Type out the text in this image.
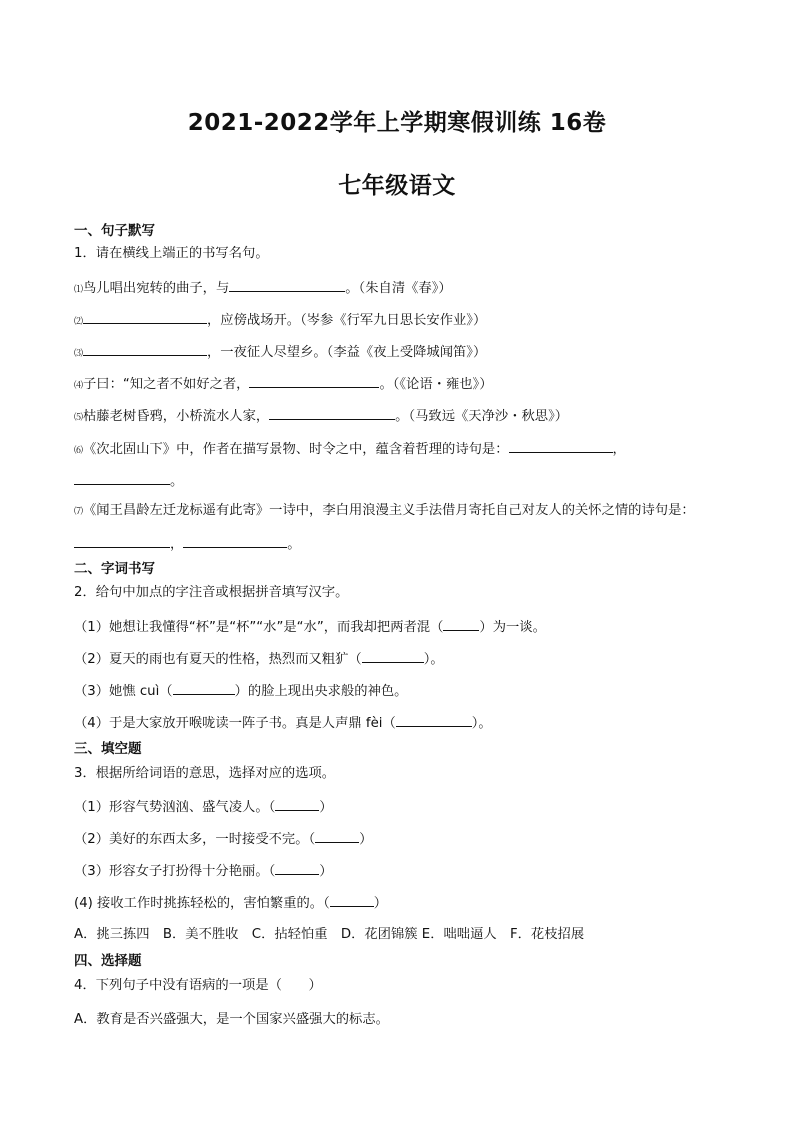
2021-2022学年上学期寒假训练 16卷
七年级语文
一、句子默写
1．请在横线上端正的书写名句。
⑴鸟儿唱出宛转的曲子，与	。（朱自清《春》）
⑵	，应傍战场开。（岑参《行军九日思长安作业》）
⑶	，一夜征人尽望乡。（李益《夜上受降城闻笛》）
⑷子曰：“知之者不如好之者，	。（《论语・雍也》）
⑸枯藤老树昏鸦，小桥流水人家，	。（马致远《天净沙・秋思》）
⑹《次北固山下》中，作者在描写景物、时令之中，蕴含着哲理的诗句是：	，
。
⑺《闻王昌龄左迁龙标遥有此寄》一诗中，李白用浪漫主义手法借月寄托自己对友人的关怀之情的诗句是：
，	。
二、字词书写
2．给句中加点的字注音或根据拼音填写汉字。
（1）她想让我懂得“杯”是“杯”“水”是“水”，而我却把两者混（	）为一谈。
（2）夏天的雨也有夏天的性格，热烈而又粗犷（	）。
（3）她憔 cuì（	）的脸上现出央求般的神色。
（4）于是大家放开喉咙读一阵子书。真是人声鼎 fèi（	）。
三、填空题
3．根据所给词语的意思，选择对应的选项。
（1）形容气势汹汹、盛气凌人。（	）
（2）美好的东西太多，一时接受不完。（	）
（3）形容女子打扮得十分艳丽。（	）
(4) 接收工作时挑拣轻松的，害怕繁重的。（	）
A．挑三拣四　B．美不胜收　C．拈轻怕重　D．花团锦簇 E．咄咄逼人　F．花枝招展
四、选择题
4．下列句子中没有语病的一项是（　　）
A．教育是否兴盛强大，是一个国家兴盛强大的标志。
